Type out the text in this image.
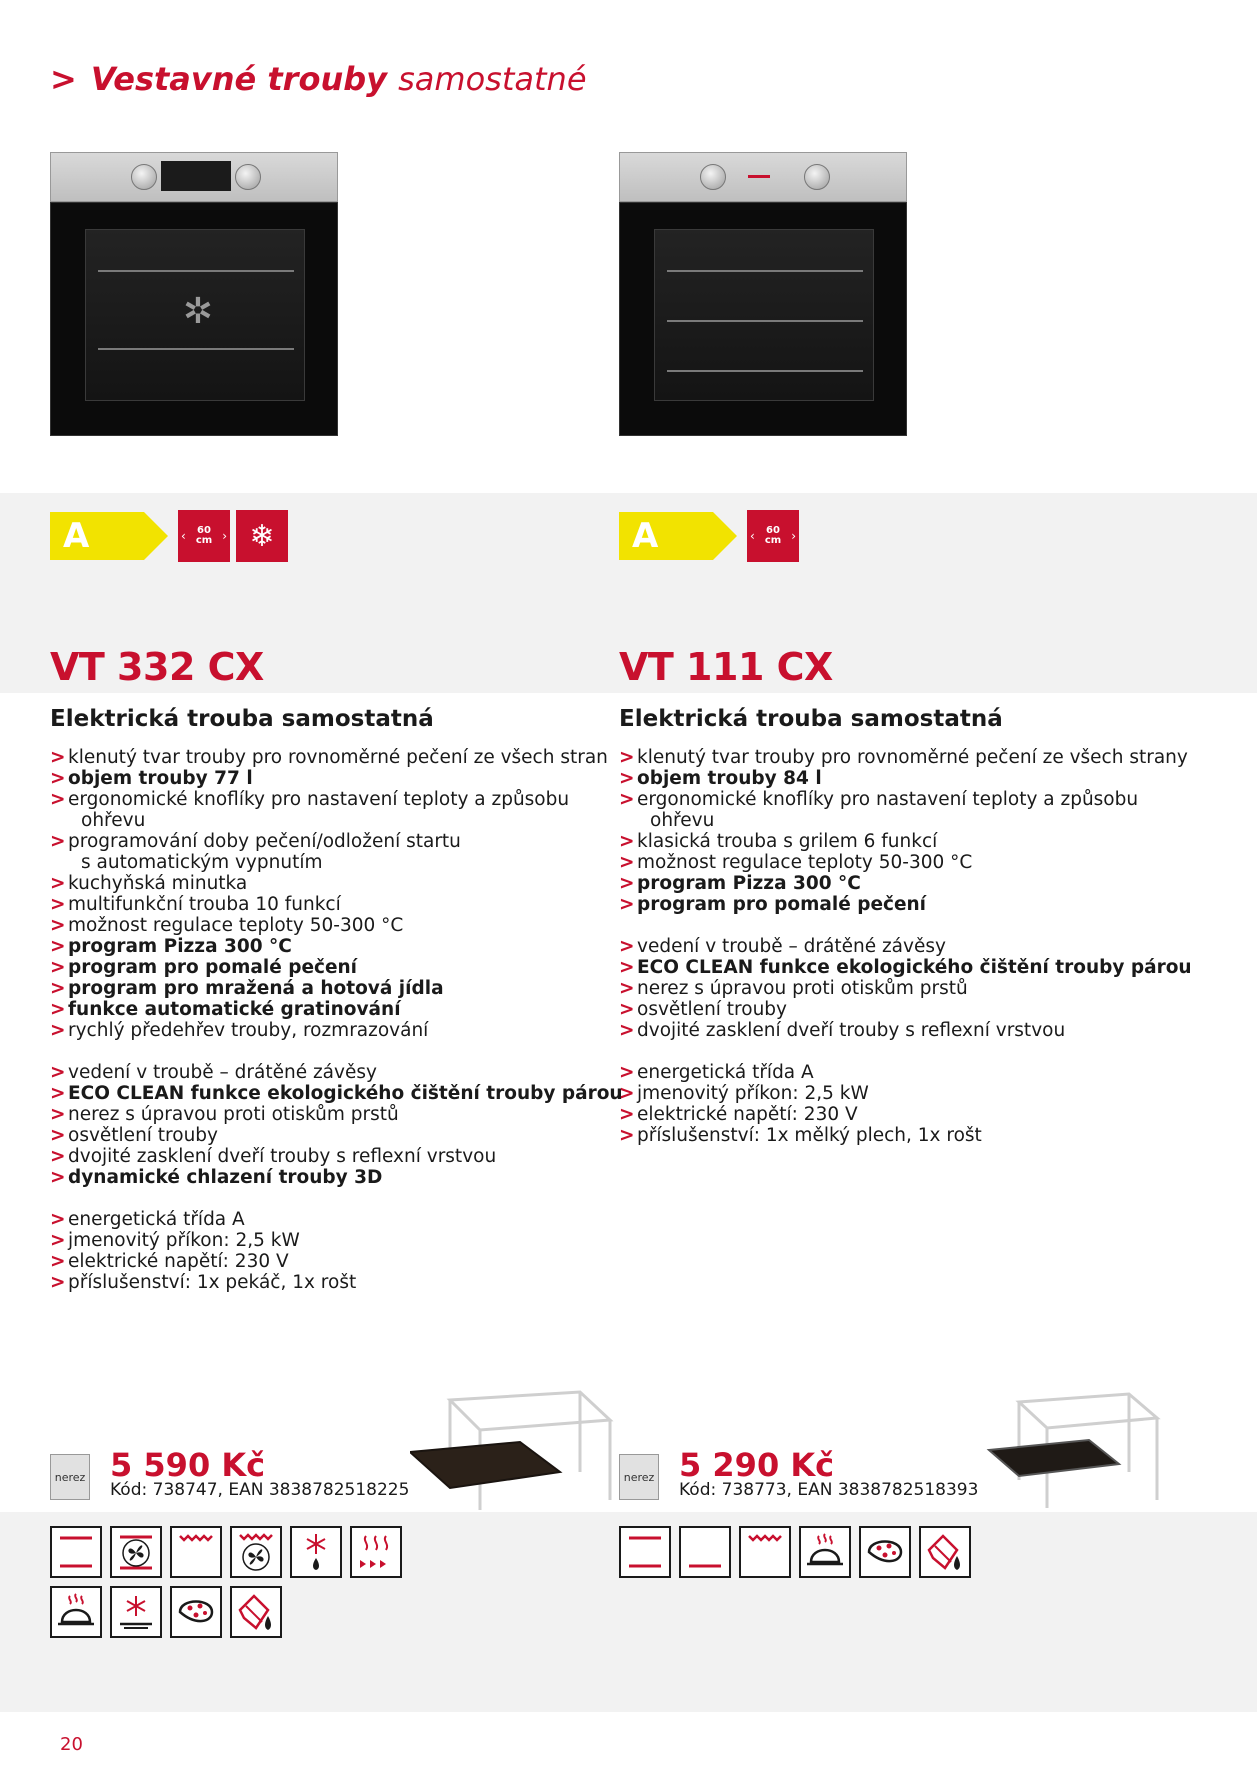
> Vestavné trouby samostatné
✲
A	‹	60 cm › ❄
VT 332 CX
Elektrická trouba samostatná
> klenutý tvar trouby pro rovnoměrné pečení ze všech stran
> objem trouby 77 l
> ergonomické knoflíky pro nastavení teploty a způsobu
ohřevu
> programování doby pečení/odložení startu
s automatickým vypnutím
> kuchyňská minutka
> multifunkční trouba 10 funkcí
> možnost regulace teploty 50-300 °C
> program Pizza 300 °C
> program pro pomalé pečení
> program pro mražená a hotová jídla
> funkce automatické gratinování
> rychlý předehřev trouby, rozmrazování
> vedení v troubě – drátěné závěsy
> ECO CLEAN funkce ekologického čištění trouby párou
> nerez s úpravou proti otiskům prstů
> osvětlení trouby
> dvojité zasklení dveří trouby s reflexní vrstvou
> dynamické chlazení trouby 3D
> energetická třída A
> jmenovitý příkon: 2,5 kW
> elektrické napětí: 230 V
> příslušenství: 1x pekáč, 1x rošt
nerez 5 590 Kč
Kód: 738747, EAN 3838782518225
A	‹	60 cm ›
VT 111 CX
Elektrická trouba samostatná
> klenutý tvar trouby pro rovnoměrné pečení ze všech strany
> objem trouby 84 l
> ergonomické knoflíky pro nastavení teploty a způsobu
ohřevu
> klasická trouba s grilem 6 funkcí
> možnost regulace teploty 50-300 °C
> program Pizza 300 °C
> program pro pomalé pečení
> vedení v troubě – drátěné závěsy
> ECO CLEAN funkce ekologického čištění trouby párou
> nerez s úpravou proti otiskům prstů
> osvětlení trouby
> dvojité zasklení dveří trouby s reflexní vrstvou
> energetická třída A
> jmenovitý příkon: 2,5 kW
> elektrické napětí: 230 V
> příslušenství: 1x mělký plech, 1x rošt
nerez 5 290 Kč
Kód: 738773, EAN 3838782518393
20
